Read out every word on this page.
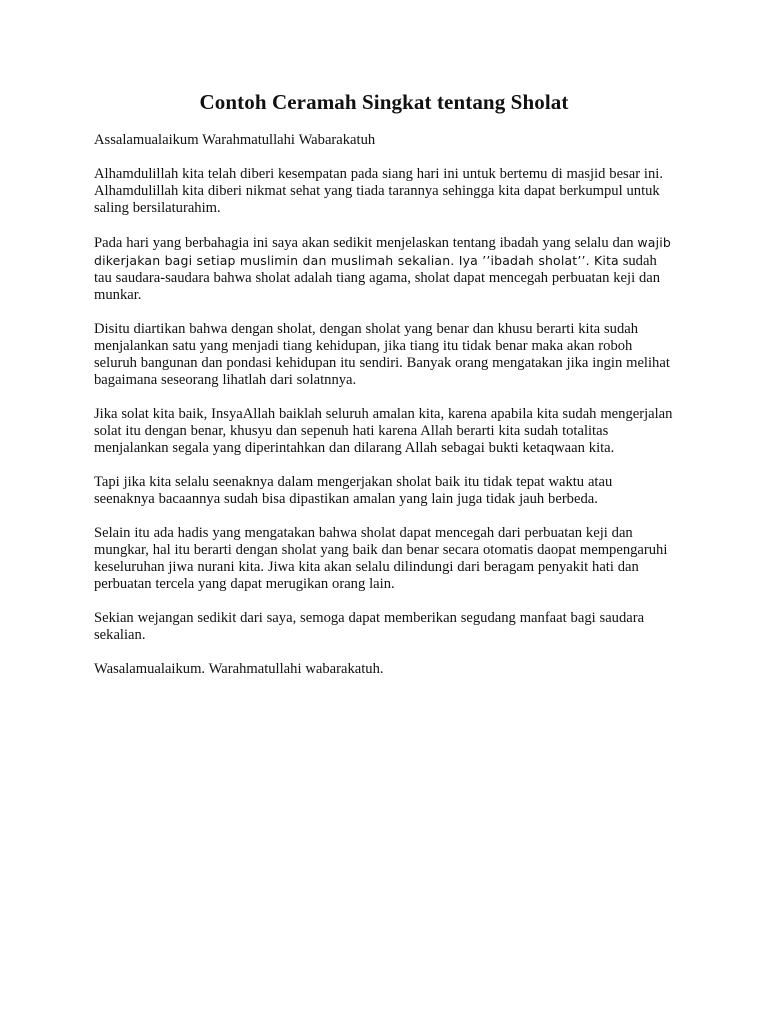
Contoh Ceramah Singkat tentang Sholat

Assalamualaikum Warahmatullahi Wabarakatuh

Alhamdulillah kita telah diberi kesempatan pada siang hari ini untuk bertemu di masjid besar ini. Alhamdulillah kita diberi nikmat sehat yang tiada tarannya sehingga kita dapat berkumpul untuk saling bersilaturahim.

Pada hari yang berbahagia ini saya akan sedikit menjelaskan tentang ibadah yang selalu dan wajib dikerjakan bagi setiap muslimin dan muslimah sekalian. Iya ’’ibadah sholat’’. Kita sudah tau saudara-saudara bahwa sholat adalah tiang agama, sholat dapat mencegah perbuatan keji dan munkar.

Disitu diartikan bahwa dengan sholat, dengan sholat yang benar dan khusu berarti kita sudah menjalankan satu yang menjadi tiang kehidupan, jika tiang itu tidak benar maka akan roboh seluruh bangunan dan pondasi kehidupan itu sendiri. Banyak orang mengatakan jika ingin melihat bagaimana seseorang lihatlah dari solatnnya.

Jika solat kita baik, InsyaAllah baiklah seluruh amalan kita, karena apabila kita sudah mengerjalan solat itu dengan benar, khusyu dan sepenuh hati karena Allah berarti kita sudah totalitas menjalankan segala yang diperintahkan dan dilarang Allah sebagai bukti ketaqwaan kita.

Tapi jika kita selalu seenaknya dalam mengerjakan sholat baik itu tidak tepat waktu atau seenaknya bacaannya sudah bisa dipastikan amalan yang lain juga tidak jauh berbeda.

Selain itu ada hadis yang mengatakan bahwa sholat dapat mencegah dari perbuatan keji dan mungkar, hal itu berarti dengan sholat yang baik dan benar secara otomatis daopat mempengaruhi keseluruhan jiwa nurani kita. Jiwa kita akan selalu dilindungi dari beragam penyakit hati dan perbuatan tercela yang dapat merugikan orang lain.

Sekian wejangan sedikit dari saya, semoga dapat memberikan segudang manfaat bagi saudara sekalian.

Wasalamualaikum. Warahmatullahi wabarakatuh.
